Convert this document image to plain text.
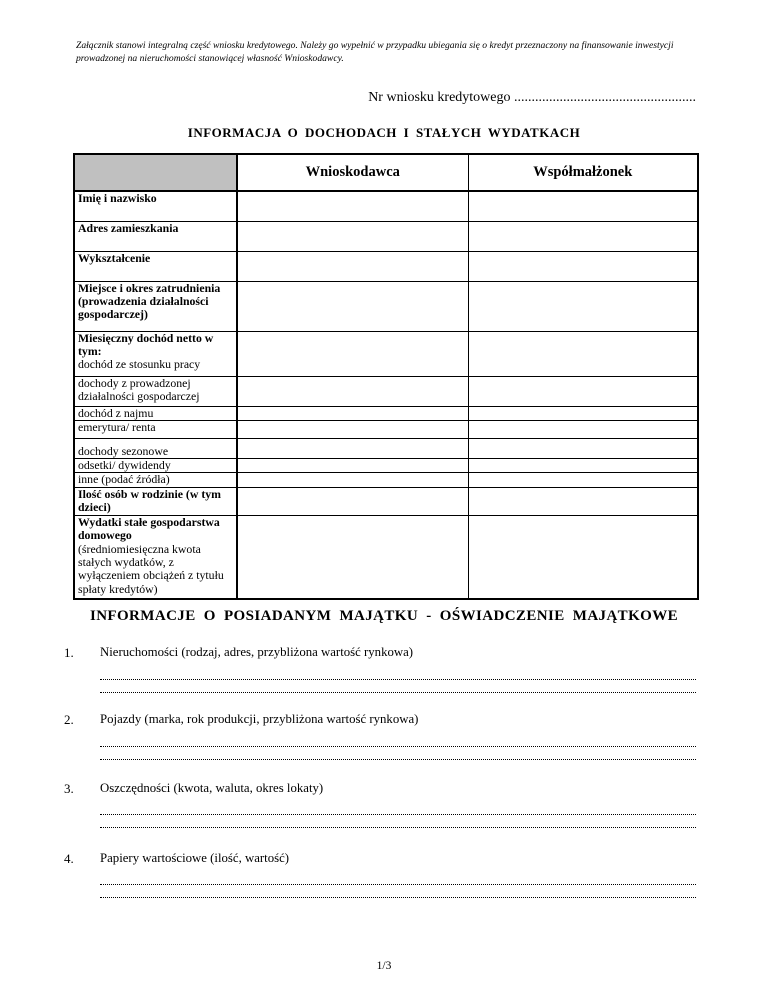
Załącznik stanowi integralną część wniosku kredytowego. Należy go wypełnić w przypadku ubiegania się o kredyt przeznaczony na finansowanie inwestycji prowadzonej na nieruchomości stanowiącej własność Wnioskodawcy.
Nr wniosku kredytowego ....................................................
INFORMACJA O DOCHODACH I STAŁYCH WYDATKACH
	Wnioskodawca	Współmałżonek
Imię i nazwisko		
Adres zamieszkania		
Wykształcenie		
Miejsce i okres zatrudnienia (prowadzenia działalności gospodarczej)		

Miesięczny dochód netto w tym:
dochód ze stosunku pracy		

dochody z prowadzonej działalności gospodarczej		
dochód z najmu		
emerytura/ renta		
dochody sezonowe		
odsetki/ dywidendy		
inne (podać źródła)		
Ilość osób w rodzinie (w tym dzieci)		

Wydatki stałe gospodarstwa domowego
(średniomiesięczna kwota stałych wydatków, z wyłączeniem obciążeń z tytułu spłaty kredytów)		

INFORMACJE O POSIADANYM MAJĄTKU - OŚWIADCZENIE MAJĄTKOWE
1. Nieruchomości (rodzaj, adres, przybliżona wartość rynkowa)
2. Pojazdy (marka, rok produkcji, przybliżona wartość rynkowa)
3. Oszczędności (kwota, waluta, okres lokaty)
4. Papiery wartościowe (ilość, wartość)
1/3
